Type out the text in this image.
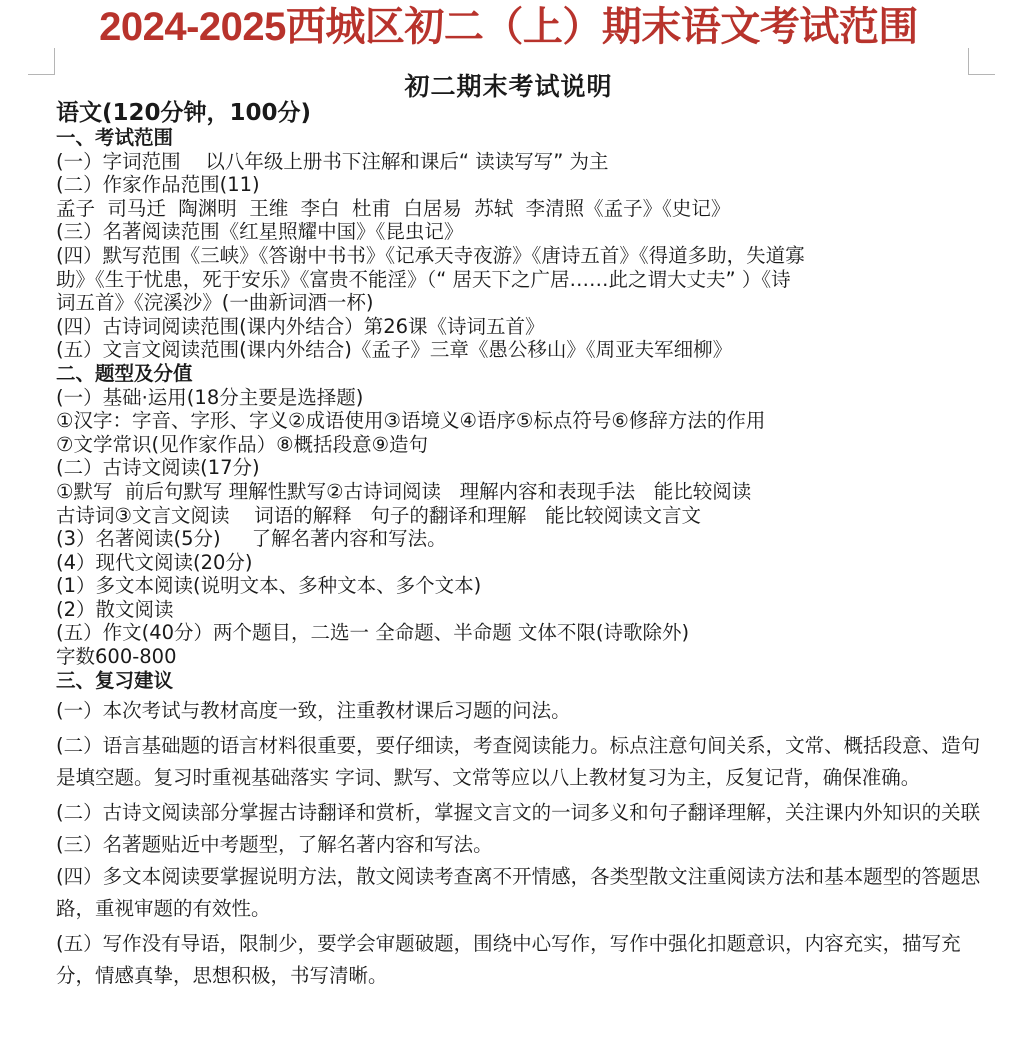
2024-2025西城区初二（上）期末语文考试范围
初二期末考试说明
语文(120分钟，100分)
一、考试范围
(一）字词范围    以八年级上册书下注解和课后“ 读读写写” 为主
(二）作家作品范围(11)
孟子  司马迁  陶渊明  王维  李白  杜甫  白居易  苏轼  李清照《孟子》《史记》
(三）名著阅读范围《红星照耀中国》《昆虫记》
(四）默写范围《三峡》《答谢中书书》《记承天寺夜游》《唐诗五首》《得道多助，失道寡
助》《生于忧患，死于安乐》《富贵不能淫》（“ 居天下之广居……此之谓大丈夫” ）《诗
词五首》《浣溪沙》(一曲新词酒一杯)
(四）古诗词阅读范围(课内外结合）第26课《诗词五首》
(五）文言文阅读范围(课内外结合)《孟子》三章《愚公移山》《周亚夫军细柳》
二、题型及分值
(一）基础·运用(18分主要是选择题)
①汉字：字音、字形、字义②成语使用③语境义④语序⑤标点符号⑥修辞方法的作用
⑦文学常识(见作家作品）⑧概括段意⑨造句
(二）古诗文阅读(17分)
①默写  前后句默写 理解性默写②古诗词阅读   理解内容和表现手法   能比较阅读
古诗词③文言文阅读    词语的解释   句子的翻译和理解   能比较阅读文言文
(3）名著阅读(5分)     了解名著内容和写法。
(4）现代文阅读(20分)
(1）多文本阅读(说明文本、多种文本、多个文本)
(2）散文阅读
(五）作文(40分）两个题目，二选一 全命题、半命题 文体不限(诗歌除外)
字数600-800
三、复习建议
(一）本次考试与教材高度一致，注重教材课后习题的问法。
(二）语言基础题的语言材料很重要，要仔细读，考查阅读能力。标点注意句间关系，文常、概括段意、造句是填空题。复习时重视基础落实 字词、默写、文常等应以八上教材复习为主，反复记背，确保准确。
(二）古诗文阅读部分掌握古诗翻译和赏析，掌握文言文的一词多义和句子翻译理解，关注课内外知识的关联
(三）名著题贴近中考题型，了解名著内容和写法。
(四）多文本阅读要掌握说明方法，散文阅读考查离不开情感，各类型散文注重阅读方法和基本题型的答题思路，重视审题的有效性。
(五）写作没有导语，限制少，要学会审题破题，围绕中心写作，写作中强化扣题意识，内容充实，描写充分，情感真挚，思想积极，书写清晰。
